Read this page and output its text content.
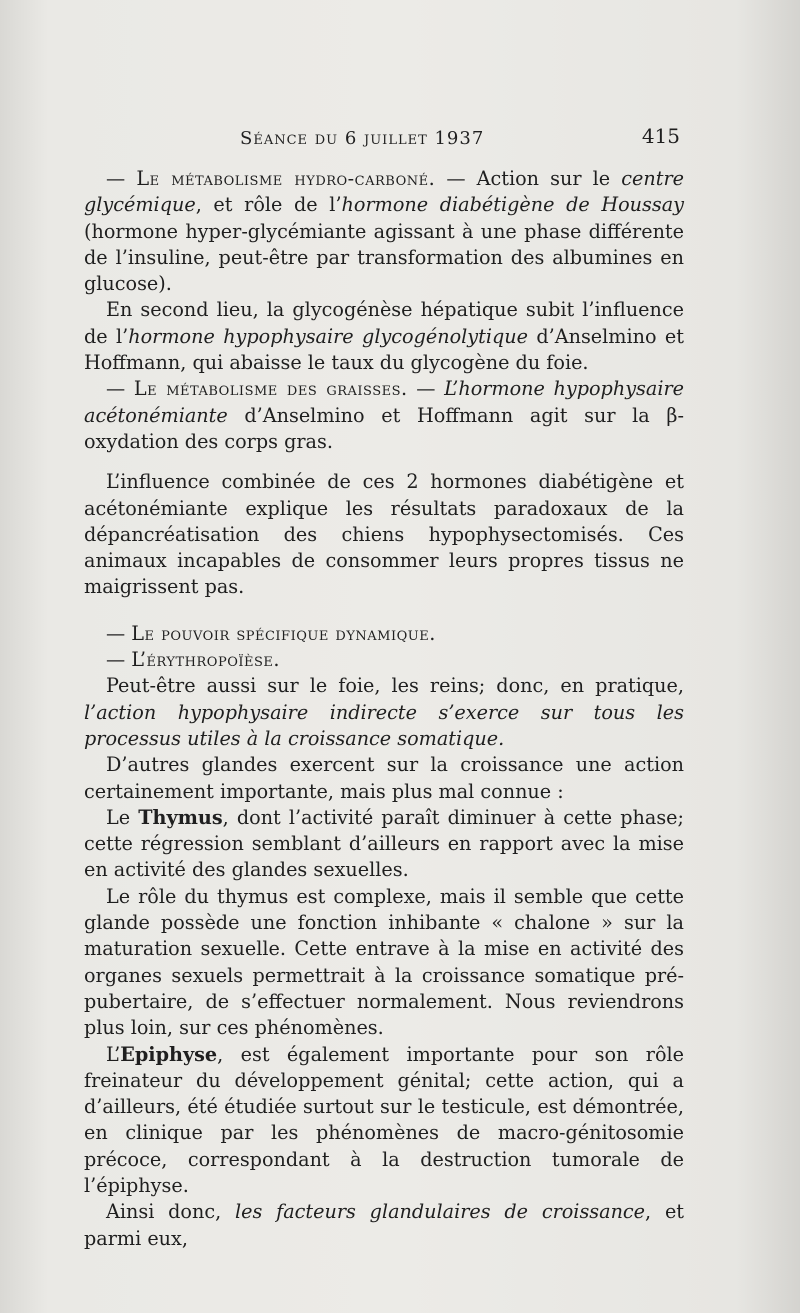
Séance du 6 juillet 1937	415

— Le métabolisme hydro-carboné. — Action sur le centre glycémique, et rôle de l’hormone diabétigène de Houssay (hormone hyper-glycémiante agissant à une phase différente de l’insuline, peut-être par transformation des albumines en glucose).

En second lieu, la glycogénèse hépatique subit l’influence de l’hormone hypophysaire glycogénolytique d’Anselmino et Hoffmann, qui abaisse le taux du glycogène du foie.

— Le métabolisme des graisses. — L’hormone hypophysaire acétonémiante d’Anselmino et Hoffmann agit sur la β-oxydation des corps gras.

L’influence combinée de ces 2 hormones diabétigène et acétonémiante explique les résultats paradoxaux de la dépancréatisation des chiens hypophysectomisés. Ces animaux incapables de consommer leurs propres tissus ne maigrissent pas.

— Le pouvoir spécifique dynamique.

— L’érythropoïèse.

Peut-être aussi sur le foie, les reins; donc, en pratique, l’action hypophysaire indirecte s’exerce sur tous les processus utiles à la croissance somatique.

D’autres glandes exercent sur la croissance une action certainement importante, mais plus mal connue :

Le Thymus, dont l’activité paraît diminuer à cette phase; cette régression semblant d’ailleurs en rapport avec la mise en activité des glandes sexuelles.

Le rôle du thymus est complexe, mais il semble que cette glande possède une fonction inhibante « chalone » sur la maturation sexuelle. Cette entrave à la mise en activité des organes sexuels permettrait à la croissance somatique pré-pubertaire, de s’effectuer normalement. Nous reviendrons plus loin, sur ces phénomènes.

L’Epiphyse, est également importante pour son rôle freinateur du développement génital; cette action, qui a d’ailleurs, été étudiée surtout sur le testicule, est démontrée, en clinique par les phénomènes de macro-génitosomie précoce, correspondant à la destruction tumorale de l’épiphyse.

Ainsi donc, les facteurs glandulaires de croissance, et parmi eux,
